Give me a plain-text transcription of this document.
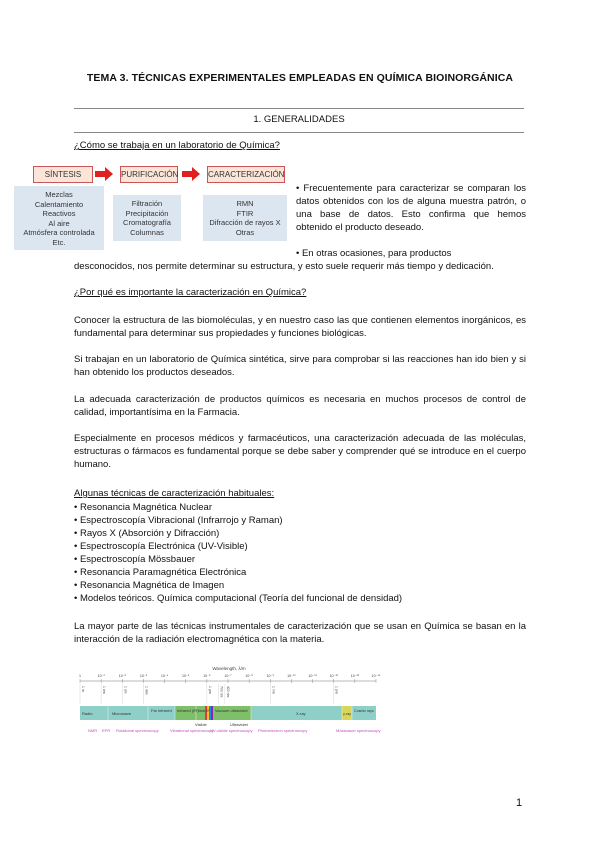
TEMA 3. TÉCNICAS EXPERIMENTALES EMPLEADAS EN QUÍMICA BIOINORGÁNICA
1. GENERALIDADES
¿Cómo se trabaja en un laboratorio de Química?
SÍNTESIS	PURIFICACIÓN	CARACTERIZACIÓN
Mezclas
Calentamiento
Reactivos
Al aire
Atmósfera controlada
Etc.
Filtración
Precipitación
Cromatografía
Columnas
RMN
FTIR
Difracción de rayos X
Otras
• Frecuentemente para caracterizar se comparan los datos obtenidos con los de alguna muestra patrón, o una base de datos. Esto confirma que hemos obtenido el producto deseado.
• En otras ocasiones, para productos
desconocidos, nos permite determinar su estructura, y esto suele requerir más tiempo y dedicación.
¿Por qué es importante la caracterización en Química?
Conocer la estructura de las biomoléculas, y en nuestro caso las que contienen elementos inorgánicos, es fundamental para determinar sus propiedades y funciones biológicas.
Si trabajan en un laboratorio de Química sintética, sirve para comprobar si las reacciones han ido bien y si han obtenido los productos deseados.
La adecuada caracterización de productos químicos es necesaria en muchos procesos de control de calidad, importantísima en la Farmacia.
Especialmente en procesos médicos y farmacéuticos, una caracterización adecuada de las moléculas, estructuras o fármacos es fundamental porque se debe saber y comprender qué se introduce en el cuerpo humano.
Algunas técnicas de caracterización habituales:
• Resonancia Magnética Nuclear
• Espectroscopía Vibracional (Infrarrojo y Raman)
• Rayos X (Absorción y Difracción)
• Espectroscopía Electrónica (UV-Visible)
• Espectroscopía Mössbauer
• Resonancia Paramagnética Electrónica
• Resonancia Magnética de Imagen
• Modelos teóricos. Química computacional (Teoría del funcional de densidad)
La mayor parte de las técnicas instrumentales de caracterización que se usan en Química se basan en la interacción de la radiación electromagnética con la materia.
Wavelength, λ/m
1	10⁻¹	10⁻²	10⁻³	10⁻⁴	10⁻⁵	10⁻⁶	10⁻⁷	10⁻⁸	10⁻⁹	10⁻¹⁰	10⁻¹¹	10⁻¹²	10⁻¹³	10⁻¹⁴
1 m	1 dm	1 cm	1 mm	1 μm 700 nm 420 nm	1 nm	1 pm
Radio	Microwave
Far infrared Infrared (IR) Near IR Vacuum ultraviolet
X-ray	γ-ray
Cosmic rays
Visible	Ultraviolet
NMR EPR Rotational spectroscopy	Vibrational spectroscopy
UV-visible spectroscopy Photoelectron spectroscopy	Mössbauer spectroscopy
1
